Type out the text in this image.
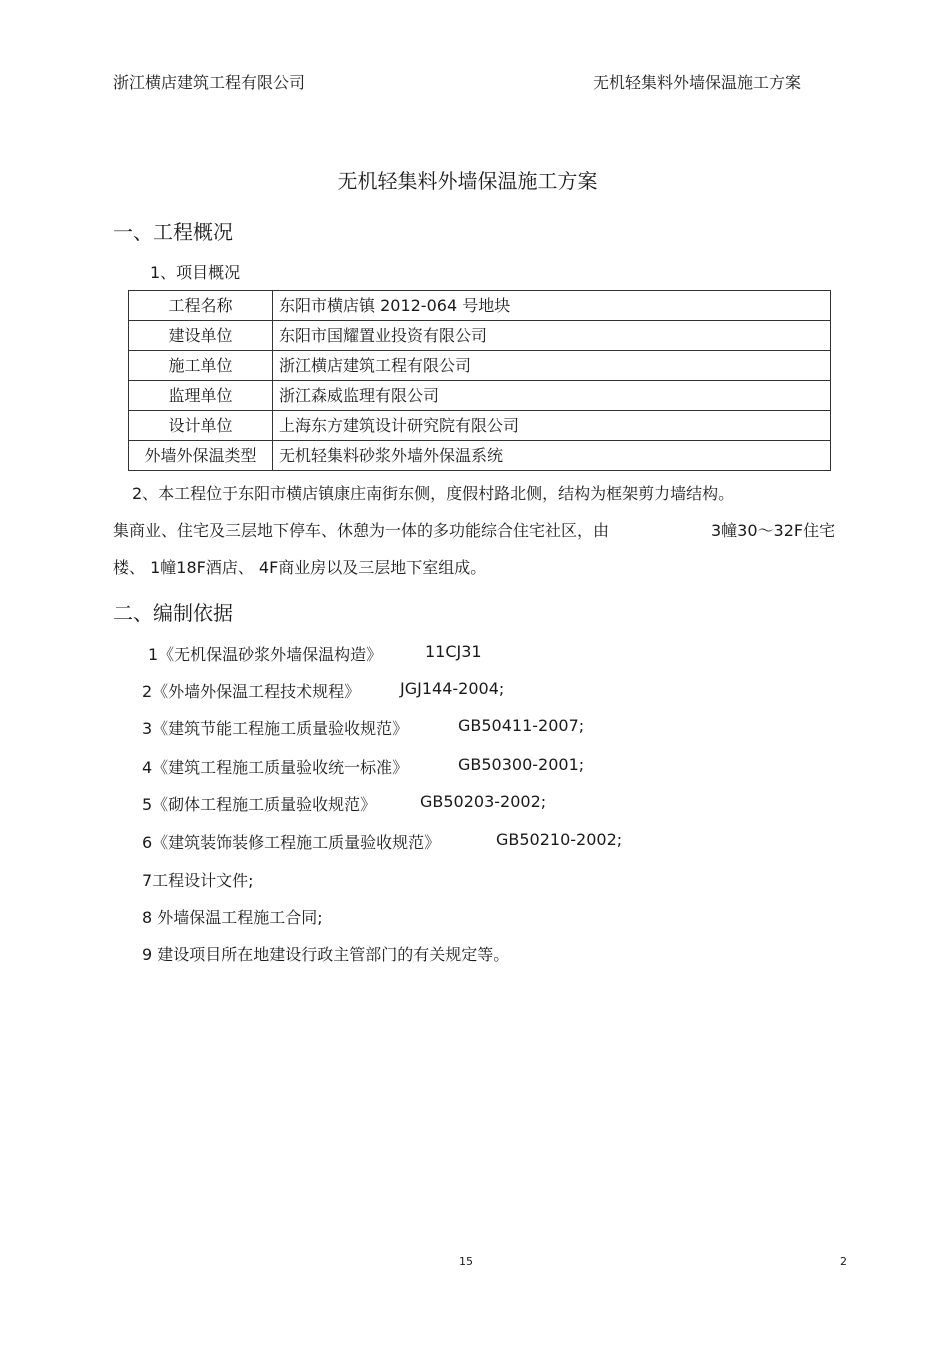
浙江横店建筑工程有限公司	无机轻集料外墙保温施工方案
无机轻集料外墙保温施工方案
一、工程概况
1、项目概况
工程名称	东阳市横店镇 2012-064 号地块
建设单位	东阳市国耀置业投资有限公司
施工单位	浙江横店建筑工程有限公司
监理单位	浙江森威监理有限公司
设计单位	上海东方建筑设计研究院有限公司
外墙外保温类型	无机轻集料砂浆外墙外保温系统
2、本工程位于东阳市横店镇康庄南街东侧，度假村路北侧，结构为框架剪力墙结构。
集商业、住宅及三层地下停车、休憩为一体的多功能综合住宅社区，由	3幢30～32F住宅
楼、 1幢18F酒店、 4F商业房以及三层地下室组成。
二、编制依据
1《无机保温砂浆外墙保温构造》	11CJ31
2《外墙外保温工程技术规程》 JGJ144-2004;
3《建筑节能工程施工质量验收规范》	GB50411-2007;
4《建筑工程施工质量验收统一标准》	GB50300-2001;
5《砌体工程施工质量验收规范》	GB50203-2002;
6《建筑装饰装修工程施工质量验收规范》	GB50210-2002;
7工程设计文件;
8 外墙保温工程施工合同;
9 建设项目所在地建设行政主管部门的有关规定等。
15	2
